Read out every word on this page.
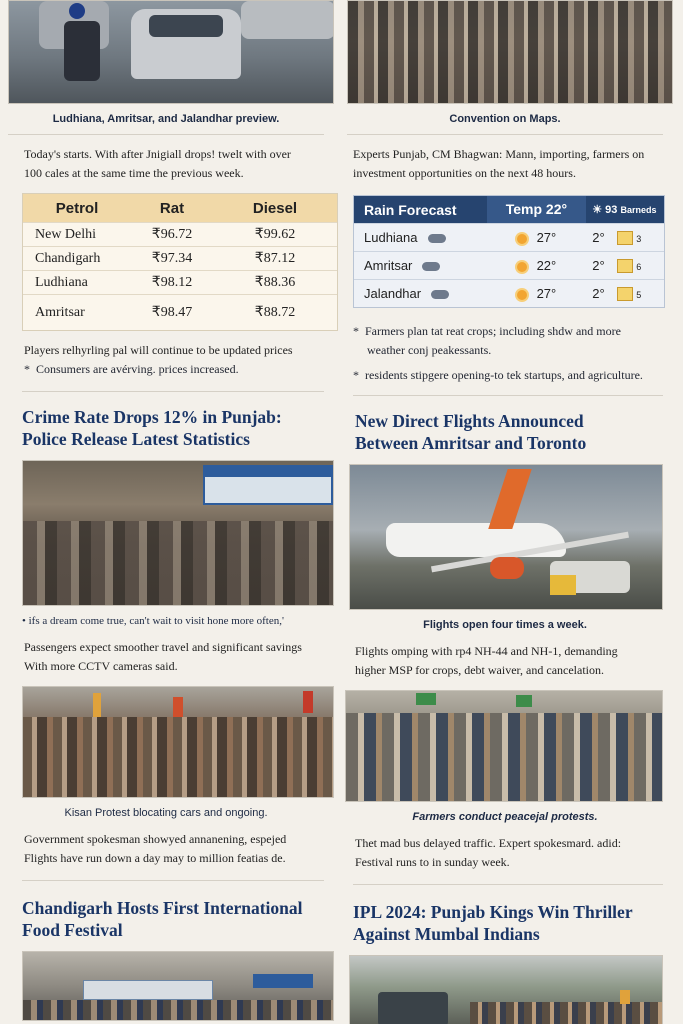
Ludhiana, Amritsar, and Jalandhar preview.
Today's starts. With after Jnigiall drops! twelt with over
100 cales at the same time the previous week.
Petrol	Rat	Diesel
New Delhi	₹96.72	₹99.62
Chandigarh	₹97.34	₹87.12
Ludhiana	₹98.12	₹88.36
Amritsar	₹98.47	₹88.72
Players relhyrling pal will continue to be updated prices
*  Consumers are avérving. prices increased.
Crime Rate Drops 12% in Punjab:
Police Release Latest Statistics
• ifs a dream come true, can't wait to visit hone more often,'
Passengers expect smoother travel and significant savings
With more CCTV cameras said.
Kisan Protest blocating cars and ongoing.
Government spokesman showyed annanening, espejed
Flights have run down a day may to million featias de.
Chandigarh Hosts First International
Food Festival
Convention on Maps.
Experts Punjab, CM Bhagwan: Mann, importing, farmers on
investment opportunities on the next 48 hours.
Rain Forecast	Temp 22°	☀ 93 Barneds
Ludhiana	27°	2°	3
Amritsar	22°	2°	6
Jalandhar	27°	2°	5
*  Farmers plan tat reat crops; including shdw and more
weather conj peakessants.
*  residents stipgere opening-to tek startups, and agriculture.
New Direct Flights Announced
Between Amritsar and Toronto
Flights open four times a week.
Flights omping with rp4 NH-44 and NH-1, demanding
higher MSP for crops, debt waiver, and cancelation.
Farmers conduct peacejal protests.
Thet mad bus delayed traffic. Expert spokesmard. adid:
Festival runs to in sunday week.
IPL 2024: Punjab Kings Win Thriller
Against Mumbal Indians
